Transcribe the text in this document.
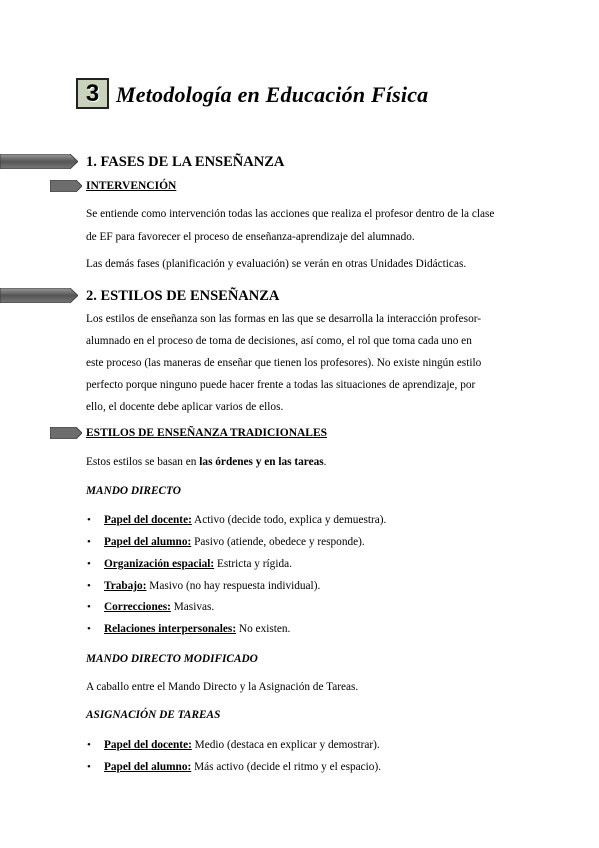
3 Metodología en Educación Física
1. FASES DE LA ENSEÑANZA
INTERVENCIÓN
Se entiende como intervención todas las acciones que realiza el profesor dentro de la clase
de EF para favorecer el proceso de enseñanza-aprendizaje del alumnado.
Las demás fases (planificación y evaluación) se verán en otras Unidades Didácticas.
2. ESTILOS DE ENSEÑANZA
Los estilos de enseñanza son las formas en las que se desarrolla la interacción profesor-
alumnado en el proceso de toma de decisiones, así como, el rol que toma cada uno en
este proceso (las maneras de enseñar que tienen los profesores). No existe ningún estilo
perfecto porque ninguno puede hacer frente a todas las situaciones de aprendizaje, por
ello, el docente debe aplicar varios de ellos.
ESTILOS DE ENSEÑANZA TRADICIONALES
Estos estilos se basan en las órdenes y en las tareas.
MANDO DIRECTO
• Papel del docente: Activo (decide todo, explica y demuestra).
• Papel del alumno: Pasivo (atiende, obedece y responde).
• Organización espacial: Estricta y rígida.
• Trabajo: Masivo (no hay respuesta individual).
• Correcciones: Masivas.
• Relaciones interpersonales: No existen.
MANDO DIRECTO MODIFICADO
A caballo entre el Mando Directo y la Asignación de Tareas.
ASIGNACIÓN DE TAREAS
• Papel del docente: Medio (destaca en explicar y demostrar).
• Papel del alumno: Más activo (decide el ritmo y el espacio).
